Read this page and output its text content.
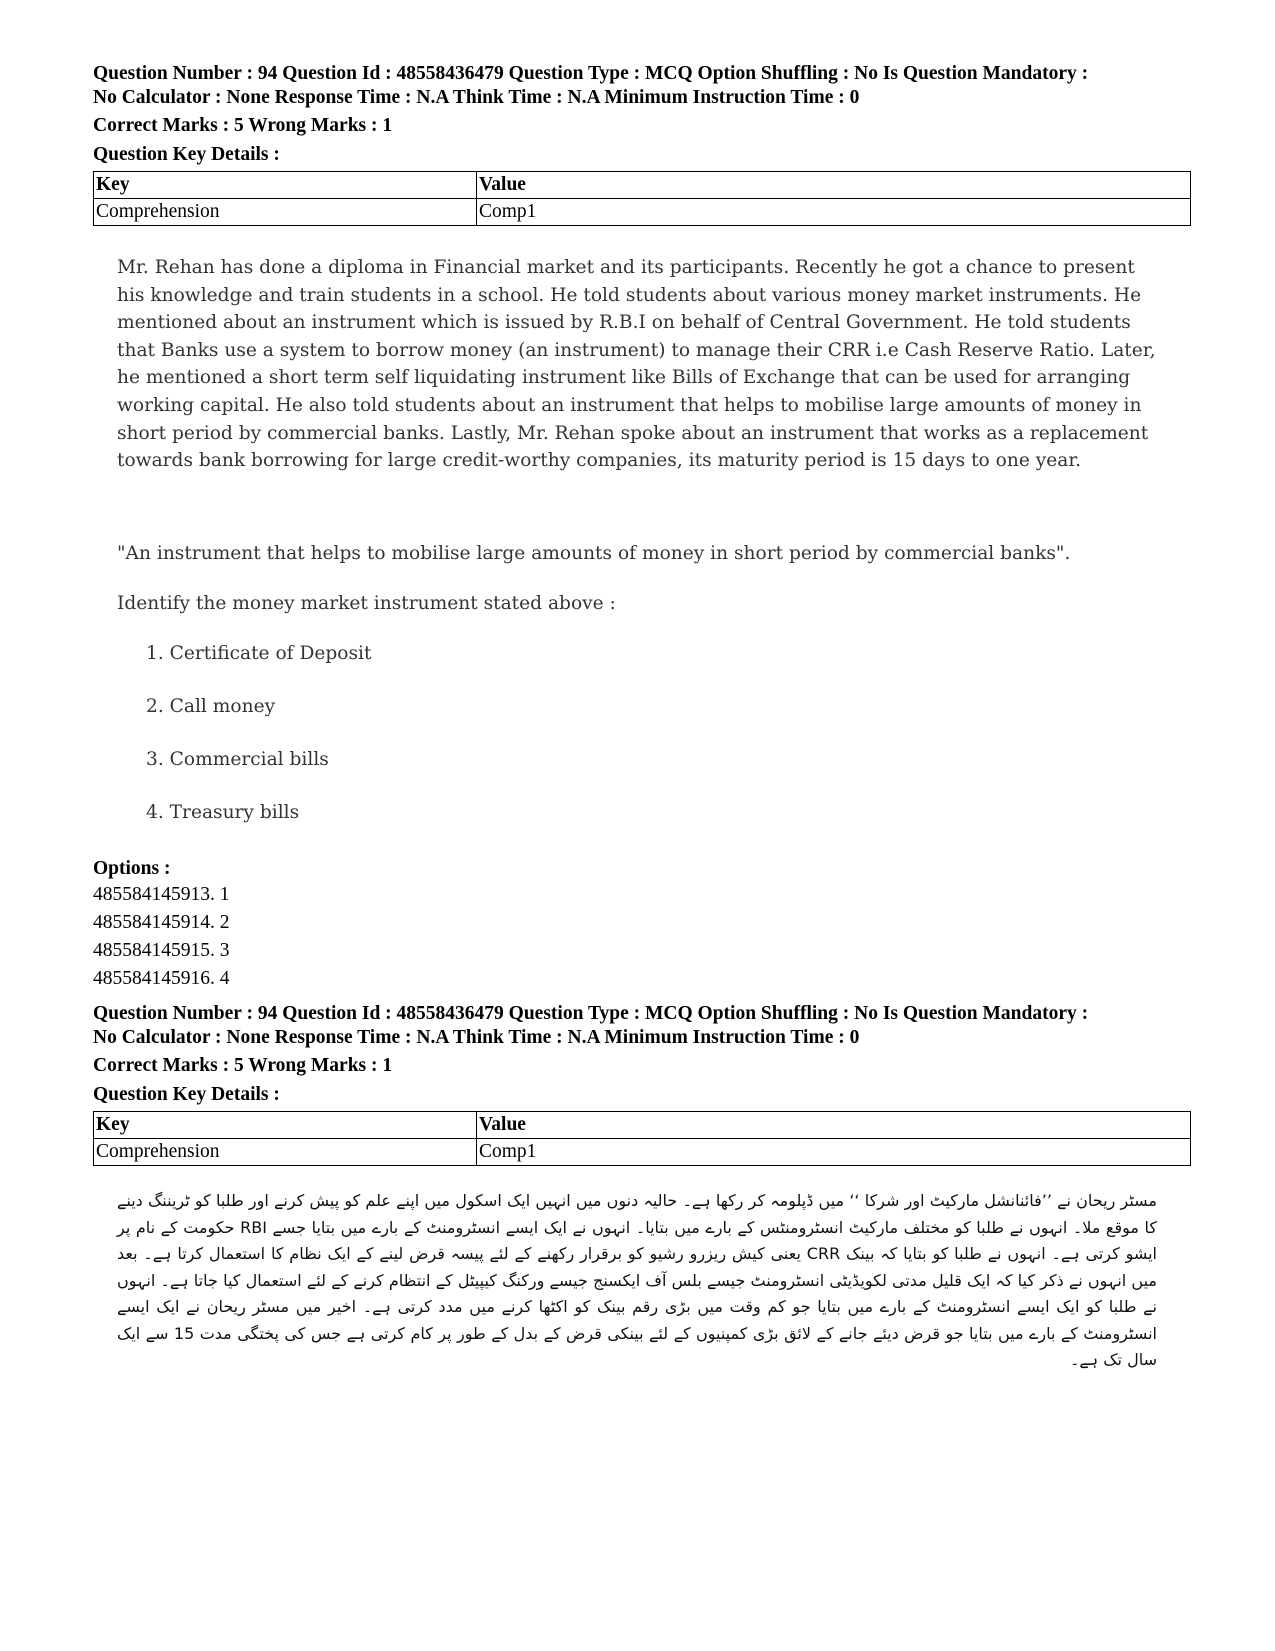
Question Number : 94 Question Id : 48558436479 Question Type : MCQ Option Shuffling : No Is Question Mandatory :
No Calculator : None Response Time : N.A Think Time : N.A Minimum Instruction Time : 0
Correct Marks : 5 Wrong Marks : 1
Question Key Details :
Key	Value
Comprehension	Comp1
Mr. Rehan has done a diploma in Financial market and its participants. Recently he got a chance to present his knowledge and train students in a school. He told students about various money market instruments. He mentioned about an instrument which is issued by R.B.I on behalf of Central Government. He told students that Banks use a system to borrow money (an instrument) to manage their CRR i.e Cash Reserve Ratio. Later, he mentioned a short term self liquidating instrument like Bills of Exchange that can be used for arranging working capital. He also told students about an instrument that helps to mobilise large amounts of money in short period by commercial banks. Lastly, Mr. Rehan spoke about an instrument that works as a replacement towards bank borrowing for large credit-worthy companies, its maturity period is 15 days to one year.
"An instrument that helps to mobilise large amounts of money in short period by commercial banks".
Identify the money market instrument stated above :
1. Certificate of Deposit
2. Call money
3. Commercial bills
4. Treasury bills
Options :
485584145913. 1
485584145914. 2
485584145915. 3
485584145916. 4
Question Number : 94 Question Id : 48558436479 Question Type : MCQ Option Shuffling : No Is Question Mandatory :
No Calculator : None Response Time : N.A Think Time : N.A Minimum Instruction Time : 0
Correct Marks : 5 Wrong Marks : 1
Question Key Details :
Key	Value
Comprehension	Comp1
مسٹر ریحان نے ’’فائنانشل مارکیٹ اور شرکا ‘‘ میں ڈپلومہ کر رکھا ہے۔ حالیہ دنوں میں انہیں ایک اسکول میں اپنے علم کو پیش کرنے اور طلبا کو ٹریننگ دینے کا موقع ملا۔ انہوں نے طلبا کو مختلف مارکیٹ انسٹرومنٹس کے بارے میں بتایا۔ انہوں نے ایک ایسے انسٹرومنٹ کے بارے میں بتایا جسے RBI حکومت کے نام پر ایشو کرتی ہے۔ انہوں نے طلبا کو بتایا کہ بینک CRR یعنی کیش ریزرو رشیو کو برقرار رکھنے کے لئے پیسہ قرض لینے کے ایک نظام کا استعمال کرتا ہے۔ بعد میں انہوں نے ذکر کیا کہ ایک قلیل مدتی لکویڈیٹی انسٹرومنٹ جیسے بلس آف ایکسنج جیسے ورکنگ کیپیٹل کے انتظام کرنے کے لئے استعمال کیا جاتا ہے۔ انہوں نے طلبا کو ایک ایسے انسٹرومنٹ کے بارے میں بتایا جو کم وقت میں بڑی رقم بینک کو اکٹھا کرنے میں مدد کرتی ہے۔ اخیر میں مسٹر ریحان نے ایک ایسے انسٹرومنٹ کے بارے میں بتایا جو قرض دیئے جانے کے لائق بڑی کمپنیوں کے لئے بینکی قرض کے بدل کے طور پر کام کرتی ہے جس کی پختگی مدت 15 سے ایک سال تک ہے۔
